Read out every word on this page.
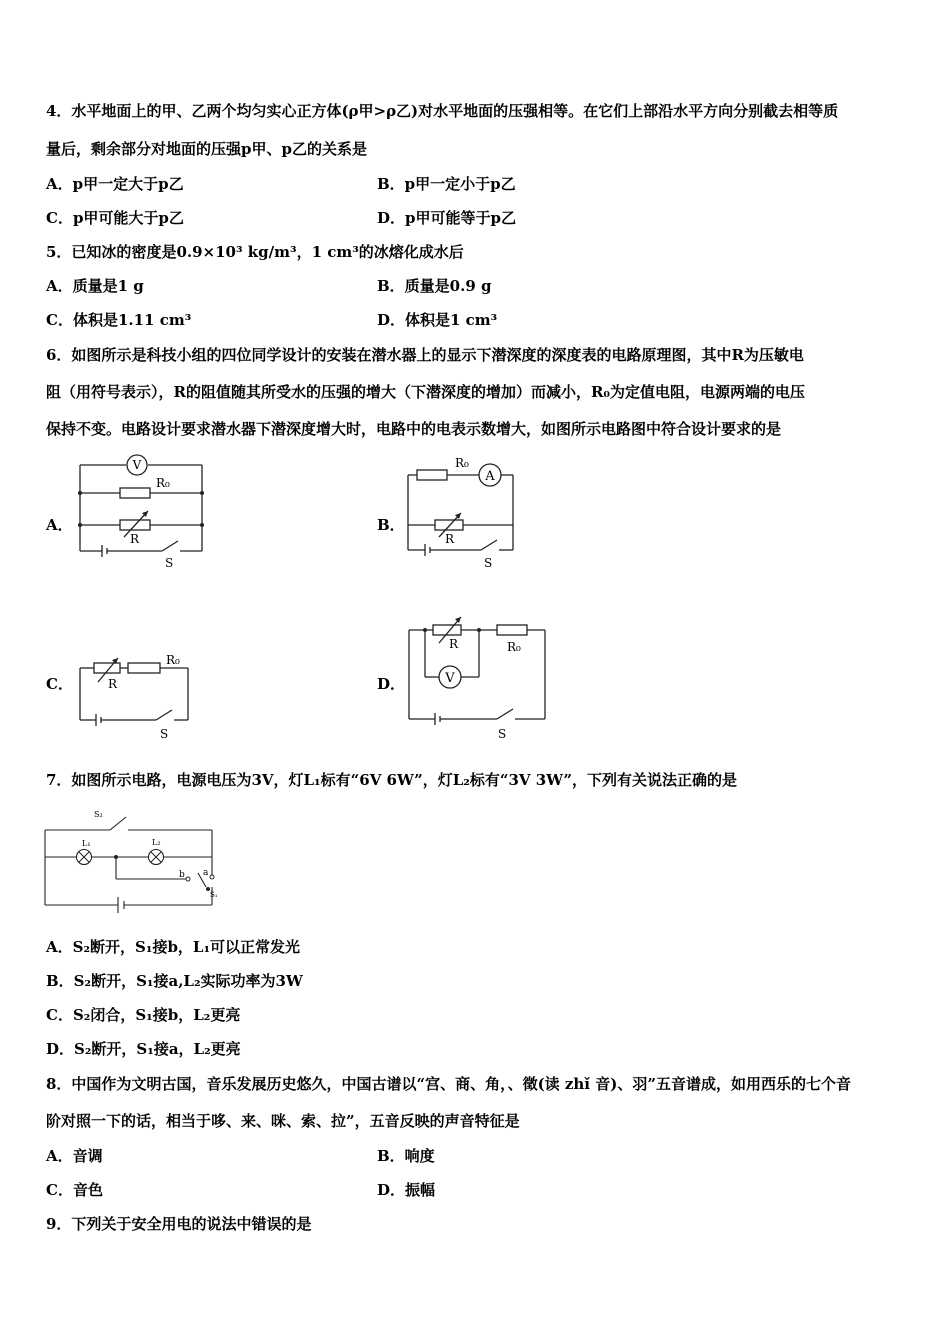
4．水平地面上的甲、乙两个均匀实心正方体(ρ甲>ρ乙)对水平地面的压强相等。在它们上部沿水平方向分别截去相等质
量后，剩余部分对地面的压强p甲、p乙的关系是
A．p甲一定大于p乙	B．p甲一定小于p乙
C．p甲可能大于p乙	D．p甲可能等于p乙
5．已知冰的密度是0.9×10³ kg/m³，1 cm³的冰熔化成水后
A．质量是1 g	B．质量是0.9 g
C．体积是1.11 cm³	D．体积是1 cm³
6．如图所示是科技小组的四位同学设计的安装在潜水器上的显示下潜深度的深度表的电路原理图，其中R为压敏电
阻（用符号表示），R的阻值随其所受水的压强的增大（下潜深度的增加）而减小，R₀为定值电阻，电源两端的电压
保持不变。电路设计要求潜水器下潜深度增大时，电路中的电表示数增大，如图所示电路图中符合设计要求的是
A．	B．
C．	D．
V
R₀
R
S
A
R₀
R
S
R₀
R
S
V
R₀
R
S
7．如图所示电路，电源电压为3V，灯L₁标有“6V 6W”，灯L₂标有“3V 3W”，下列有关说法正确的是
S₂
L₁	L₂
b a
S₁
A．S₂断开，S₁接b，L₁可以正常发光
B．S₂断开，S₁接a,L₂实际功率为3W
C．S₂闭合，S₁接b，L₂更亮
D．S₂断开，S₁接a，L₂更亮
8．中国作为文明古国，音乐发展历史悠久，中国古谱以“宫、商、角，、徵(读 zhǐ 音)、羽”五音谱成，如用西乐的七个音
阶对照一下的话，相当于哆、来、咪、索、拉”，五音反映的声音特征是
A．音调	B．响度
C．音色	D．振幅
9．下列关于安全用电的说法中错误的是
